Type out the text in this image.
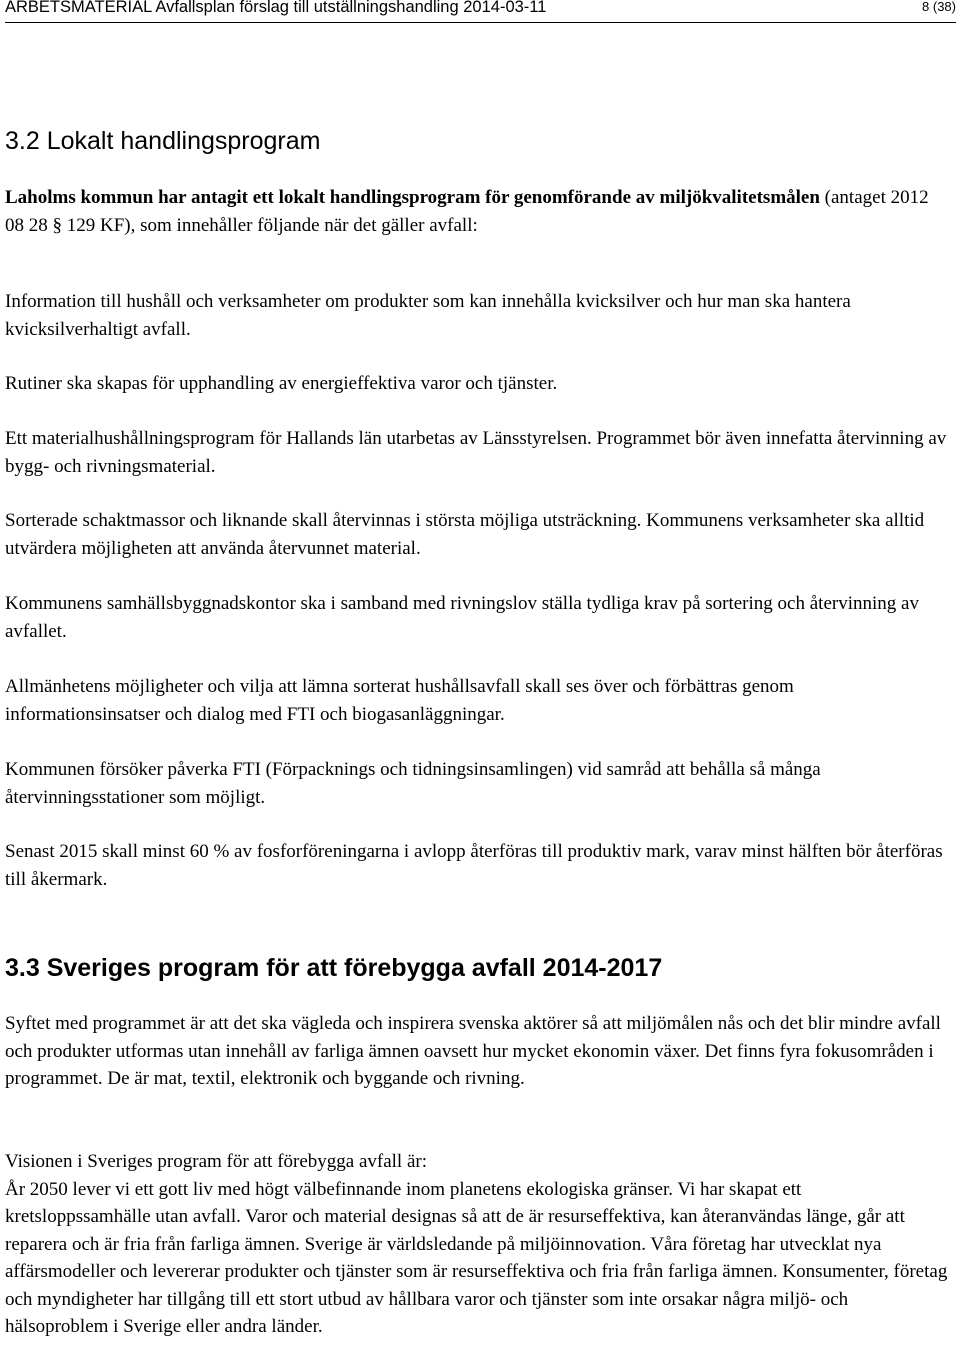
ARBETSMATERIAL Avfallsplan förslag till utställningshandling 2014-03-11	8 (38)
3.2 Lokalt handlingsprogram

Laholms kommun har antagit ett lokalt handlingsprogram för genomförande av miljökvalitetsmålen (antaget 2012 08 28 § 129 KF), som innehåller följande när det gäller avfall:

Information till hushåll och verksamheter om produkter som kan innehålla kvicksilver och hur man ska hantera kvicksilverhaltigt avfall.

Rutiner ska skapas för upphandling av energieffektiva varor och tjänster.

Ett materialhushållningsprogram för Hallands län utarbetas av Länsstyrelsen. Programmet bör även innefatta återvinning av bygg- och rivningsmaterial.

Sorterade schaktmassor och liknande skall återvinnas i största möjliga utsträckning. Kommunens verksamheter ska alltid utvärdera möjligheten att använda återvunnet material.

Kommunens samhällsbyggnadskontor ska i samband med rivningslov ställa tydliga krav på sortering och återvinning av avfallet.

Allmänhetens möjligheter och vilja att lämna sorterat hushållsavfall skall ses över och förbättras genom informationsinsatser och dialog med FTI och biogasanläggningar.

Kommunen försöker påverka FTI (Förpacknings och tidningsinsamlingen) vid samråd att behålla så många återvinningsstationer som möjligt.

Senast 2015 skall minst 60 % av fosforföreningarna i avlopp återföras till produktiv mark, varav minst hälften bör återföras till åkermark.

3.3 Sveriges program för att förebygga avfall 2014-2017

Syftet med programmet är att det ska vägleda och inspirera svenska aktörer så att miljömålen nås och det blir mindre avfall och produkter utformas utan innehåll av farliga ämnen oavsett hur mycket ekonomin växer. Det finns fyra fokusområden i programmet. De är mat, textil, elektronik och byggande och rivning.

Visionen i Sveriges program för att förebygga avfall är:

År 2050 lever vi ett gott liv med högt välbefinnande inom planetens ekologiska gränser. Vi har skapat ett kretsloppssamhälle utan avfall. Varor och material designas så att de är resurseffektiva, kan återanvändas länge, går att reparera och är fria från farliga ämnen. Sverige är världsledande på miljöinnovation. Våra företag har utvecklat nya affärsmodeller och levererar produkter och tjänster som är resurseffektiva och fria från farliga ämnen. Konsumenter, företag och myndigheter har tillgång till ett stort utbud av hållbara varor och tjänster som inte orsakar några miljö- och hälsoproblem i Sverige eller andra länder.
